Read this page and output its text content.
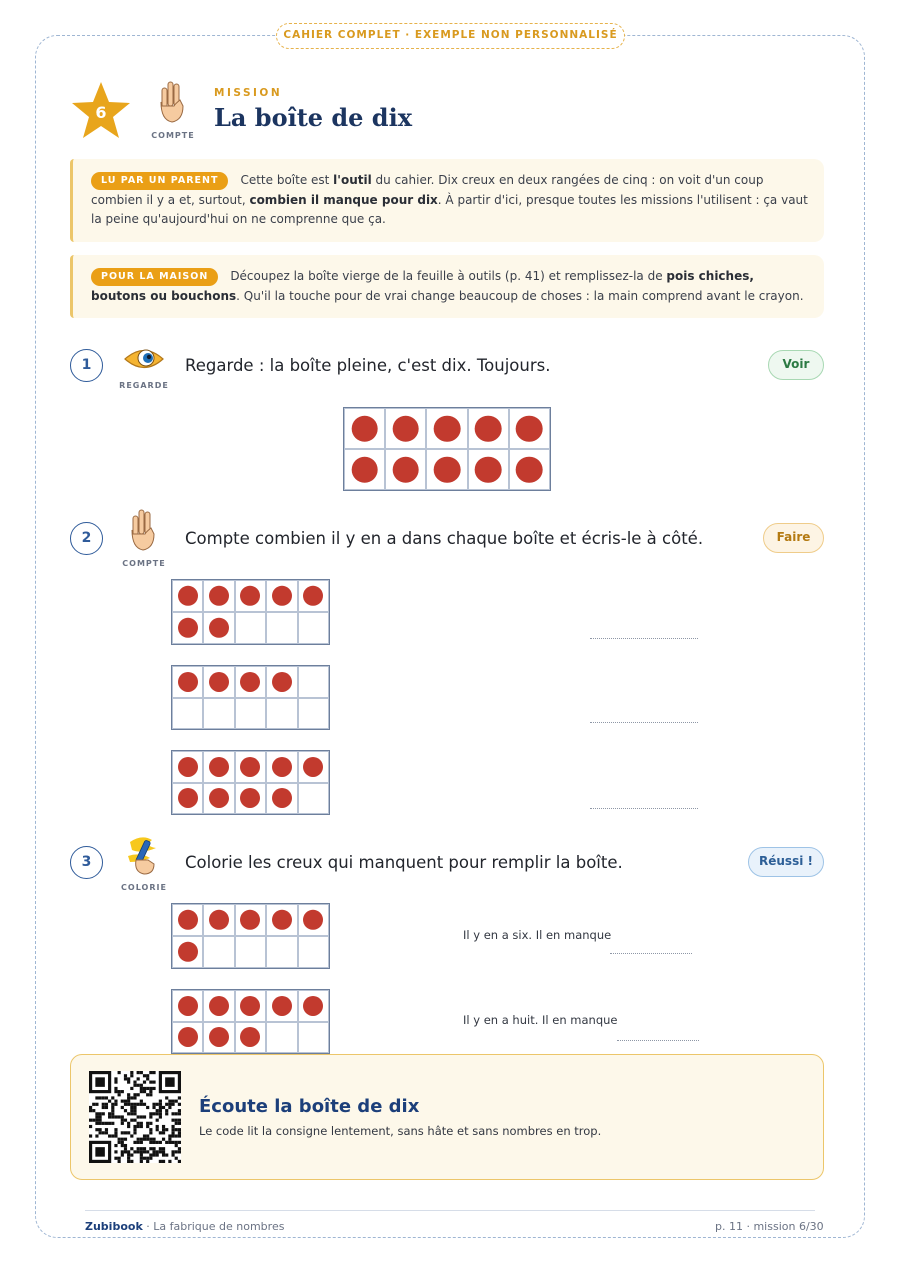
CAHIER COMPLET · EXEMPLE NON PERSONNALISÉ
6
COMPTE
MISSION
La boîte de dix
LU PAR UN PARENT Cette boîte est l'outil du cahier. Dix creux en deux rangées de cinq : on voit d'un coup combien il y a et, surtout, combien il manque pour dix. À partir d'ici, presque toutes les missions l'utilisent : ça vaut la peine qu'aujourd'hui on ne comprenne que ça.
POUR LA MAISON Découpez la boîte vierge de la feuille à outils (p. 41) et remplissez-la de pois chiches, boutons ou bouchons. Qu'il la touche pour de vrai change beaucoup de choses : la main comprend avant le crayon.
1
REGARDE
Regarde : la boîte pleine, c'est dix. Toujours.	Voir
2
COMPTE
Compte combien il y en a dans chaque boîte et écris-le à côté.	Faire
3
COLORIE
Colorie les creux qui manquent pour remplir la boîte.	Réussi !
Il y en a six. Il en manque
Il y en a huit. Il en manque
Écoute la boîte de dix
Le code lit la consigne lentement, sans hâte et sans nombres en trop.
Zubibook · La fabrique de nombres	p. 11 · mission 6/30
